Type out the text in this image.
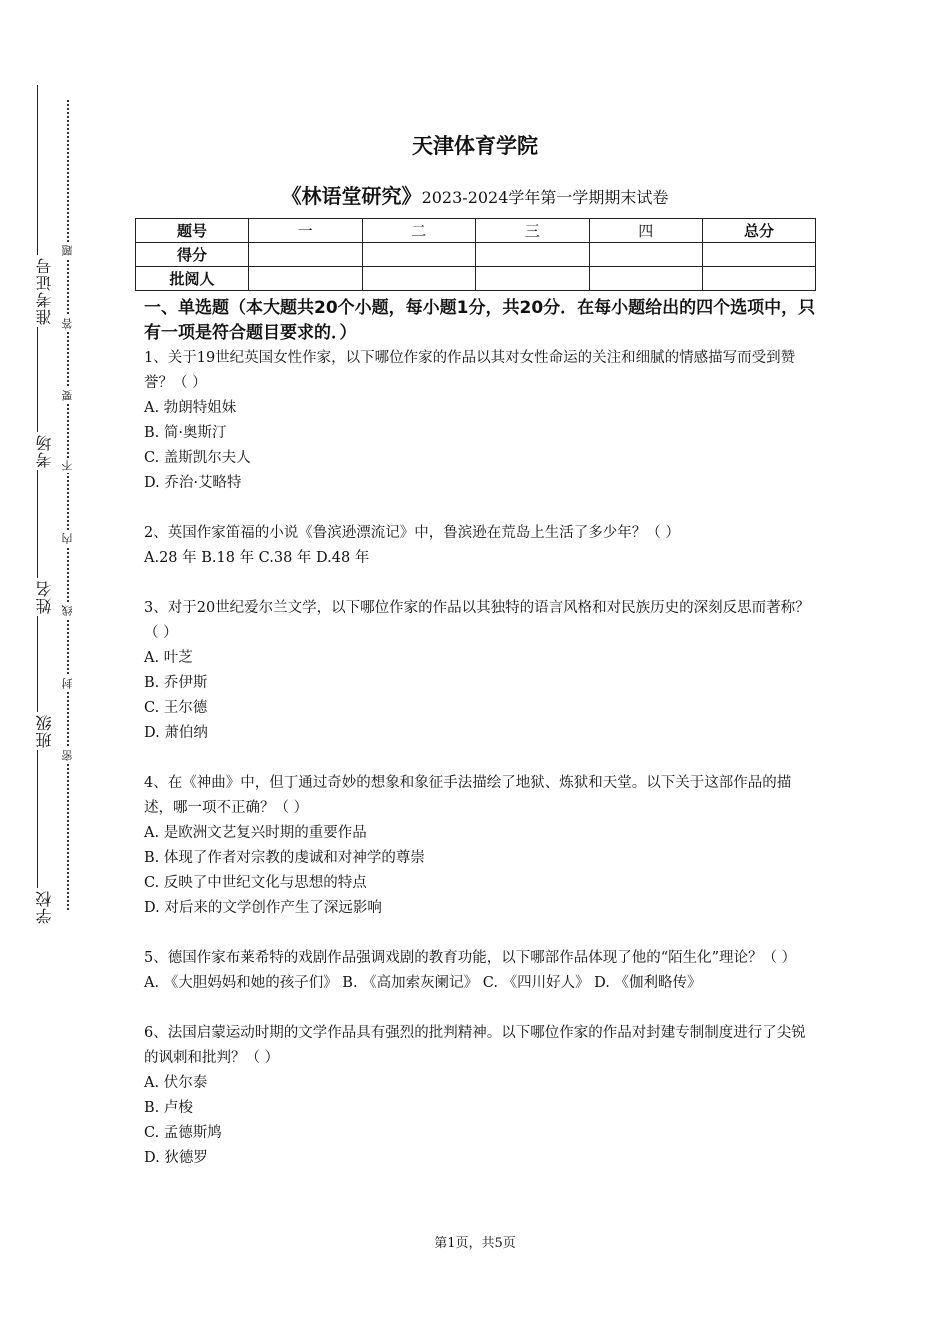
准考证号
考场
姓名
班级
学校
题
答
要
不
内
线
封
密
天津体育学院
《林语堂研究》2023-2024学年第一学期期末试卷
题号	一	二	三	四	总分
得分					
批阅人					
一、单选题（本大题共20个小题，每小题1分，共20分．在每小题给出的四个选项中，只有一项是符合题目要求的．）

1、关于19世纪英国女性作家，以下哪位作家的作品以其对女性命运的关注和细腻的情感描写而受到赞誉？（ ）

A. 勃朗特姐妹

B. 简·奥斯汀

C. 盖斯凯尔夫人

D. 乔治·艾略特

2、英国作家笛福的小说《鲁滨逊漂流记》中，鲁滨逊在荒岛上生活了多少年？（ ）

A.28 年 B.18 年 C.38 年 D.48 年

3、对于20世纪爱尔兰文学，以下哪位作家的作品以其独特的语言风格和对民族历史的深刻反思而著称？（ ）

A. 叶芝

B. 乔伊斯

C. 王尔德

D. 萧伯纳

4、在《神曲》中，但丁通过奇妙的想象和象征手法描绘了地狱、炼狱和天堂。以下关于这部作品的描述，哪一项不正确？（ ）

A. 是欧洲文艺复兴时期的重要作品

B. 体现了作者对宗教的虔诚和对神学的尊崇

C. 反映了中世纪文化与思想的特点

D. 对后来的文学创作产生了深远影响

5、德国作家布莱希特的戏剧作品强调戏剧的教育功能，以下哪部作品体现了他的“陌生化”理论？（ ）

A. 《大胆妈妈和她的孩子们》 B. 《高加索灰阑记》 C. 《四川好人》 D. 《伽利略传》

6、法国启蒙运动时期的文学作品具有强烈的批判精神。以下哪位作家的作品对封建专制制度进行了尖锐的讽刺和批判？（ ）

A. 伏尔泰

B. 卢梭

C. 孟德斯鸠

D. 狄德罗

第1页，共5页
